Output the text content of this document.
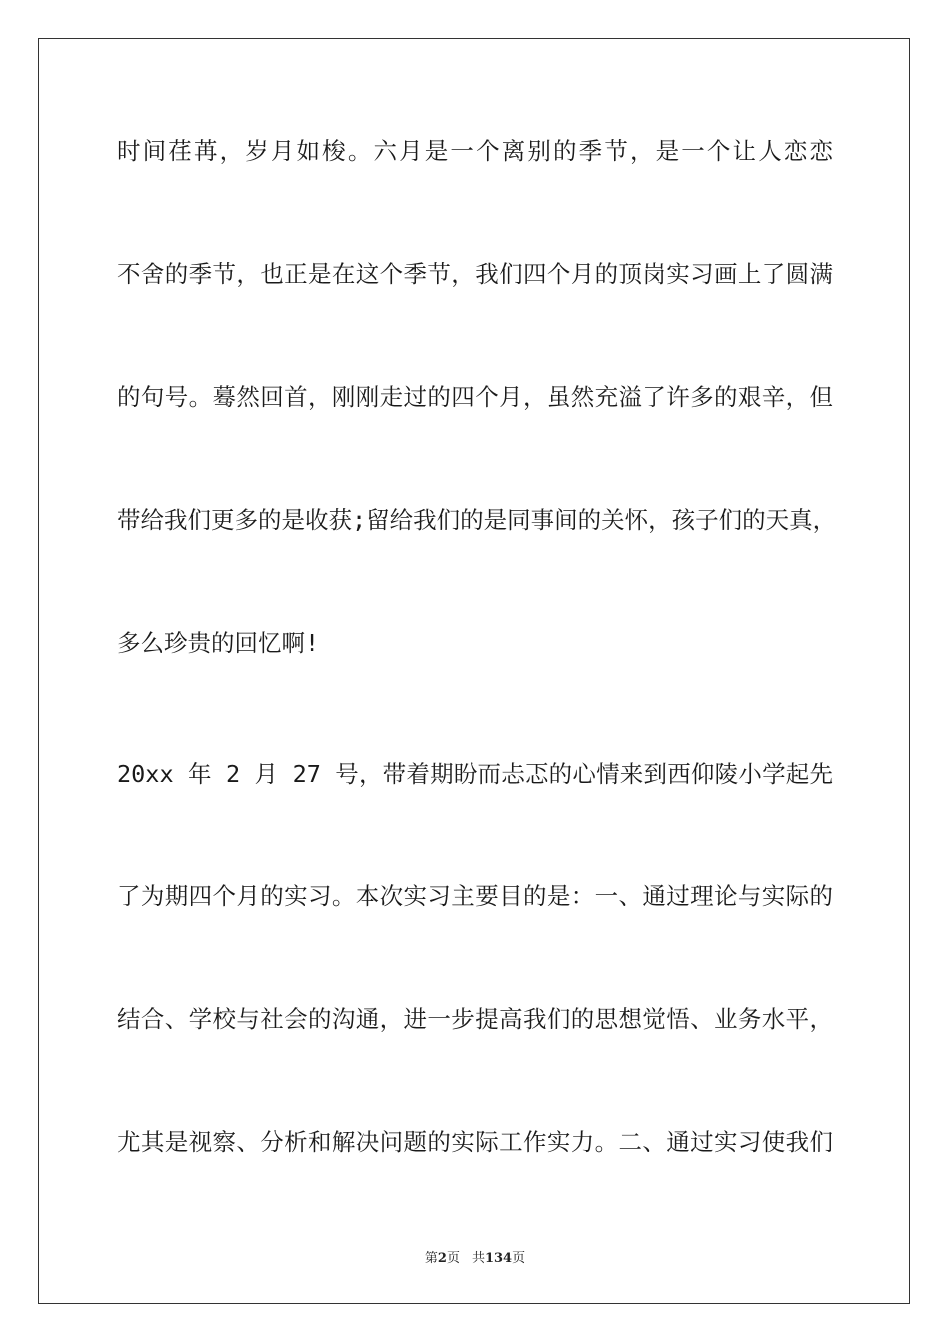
时间荏苒，岁月如梭。六月是一个离别的季节，是一个让人恋恋
不舍的季节，也正是在这个季节，我们四个月的顶岗实习画上了圆满
的句号。蓦然回首，刚刚走过的四个月，虽然充溢了许多的艰辛，但
带给我们更多的是收获;留给我们的是同事间的关怀，孩子们的天真，
多么珍贵的回忆啊!
20xx 年 2 月 27 号，带着期盼而忐忑的心情来到西仰陵小学起先
了为期四个月的实习。本次实习主要目的是：一、通过理论与实际的
结合、学校与社会的沟通，进一步提高我们的思想觉悟、业务水平，
尤其是视察、分析和解决问题的实际工作实力。二、通过实习使我们
第2页 共134页
